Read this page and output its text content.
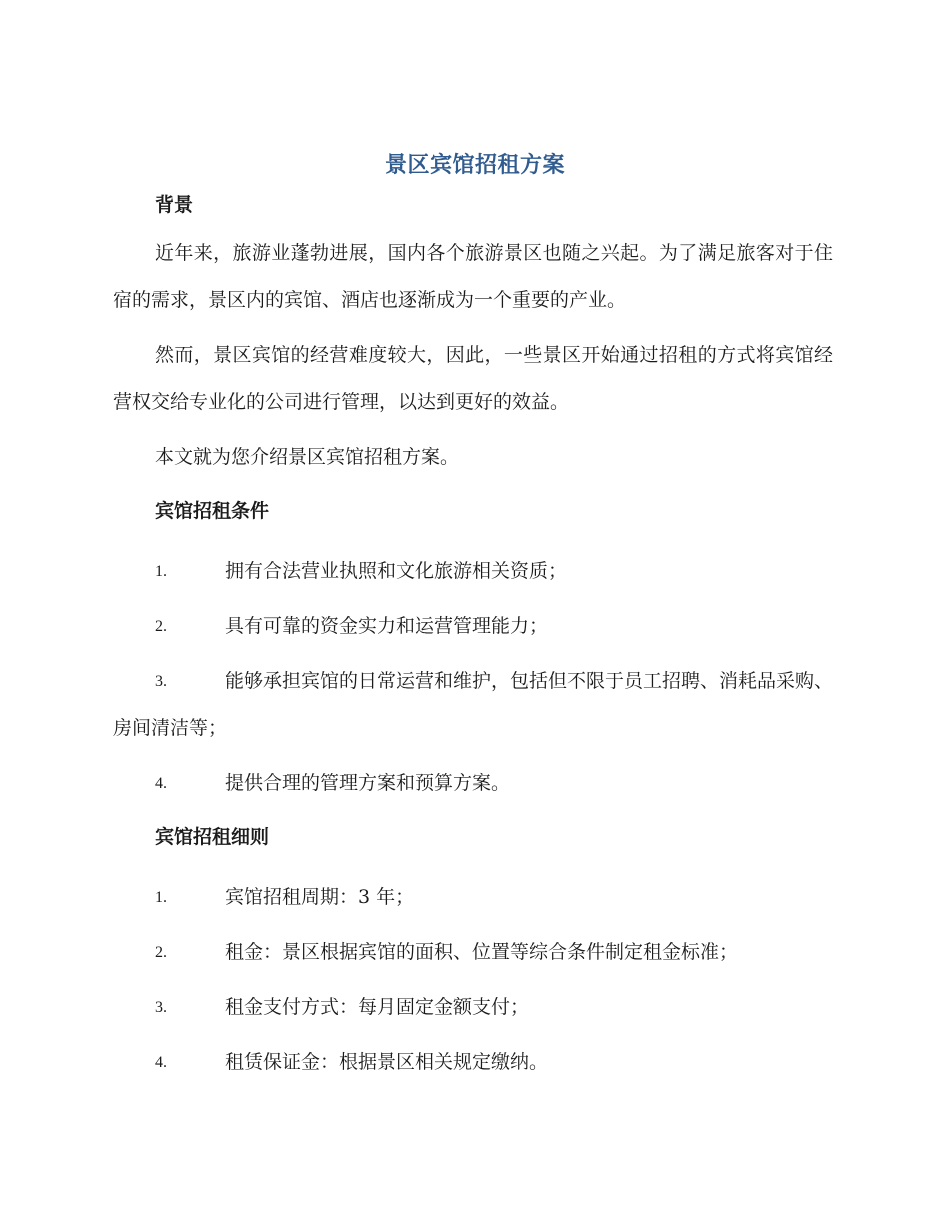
景区宾馆招租方案
背景

近年来，旅游业蓬勃进展，国内各个旅游景区也随之兴起。为了满足旅客对于住宿的需求，景区内的宾馆、酒店也逐渐成为一个重要的产业。

然而，景区宾馆的经营难度较大，因此，一些景区开始通过招租的方式将宾馆经营权交给专业化的公司进行管理，以达到更好的效益。

本文就为您介绍景区宾馆招租方案。

宾馆招租条件

1.	拥有合法营业执照和文化旅游相关资质；

2.	具有可靠的资金实力和运营管理能力；

3.	能够承担宾馆的日常运营和维护，包括但不限于员工招聘、消耗品采购、房间清洁等；

4.	提供合理的管理方案和预算方案。

宾馆招租细则

1.	宾馆招租周期：3 年；

2.	租金：景区根据宾馆的面积、位置等综合条件制定租金标准；

3.	租金支付方式：每月固定金额支付；

4.	租赁保证金：根据景区相关规定缴纳。
